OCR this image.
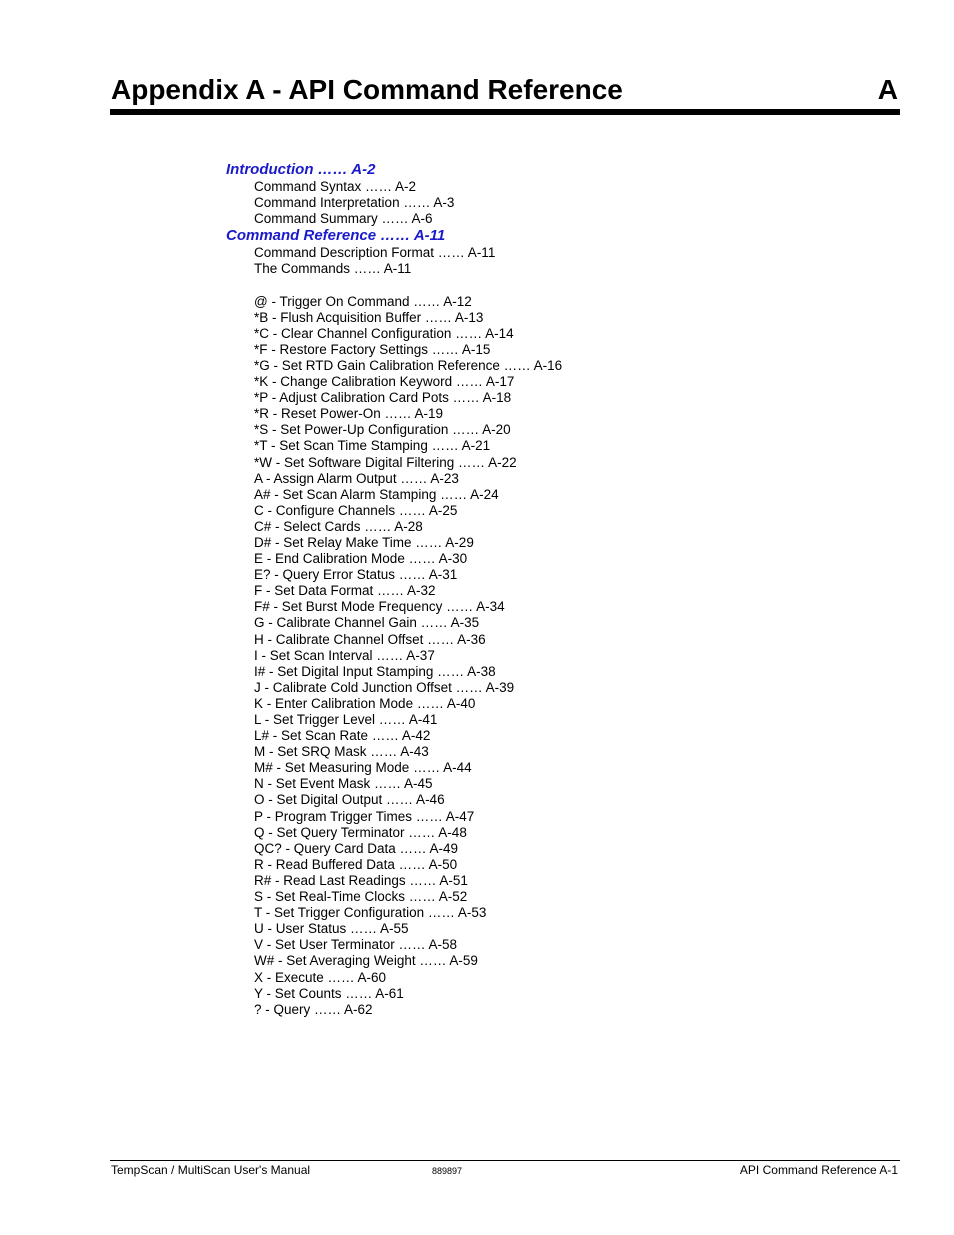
Appendix A - API Command Reference	A
Introduction …… A-2
Command Syntax …… A-2
Command Interpretation …… A-3
Command Summary …… A-6
Command Reference …… A-11
Command Description Format …… A-11
The Commands …… A-11
@ - Trigger On Command …… A-12
*B - Flush Acquisition Buffer …… A-13
*C - Clear Channel Configuration …… A-14
*F - Restore Factory Settings …… A-15
*G - Set RTD Gain Calibration Reference …… A-16
*K - Change Calibration Keyword …… A-17
*P - Adjust Calibration Card Pots …… A-18
*R - Reset Power-On …… A-19
*S - Set Power-Up Configuration …… A-20
*T - Set Scan Time Stamping …… A-21
*W - Set Software Digital Filtering …… A-22
A - Assign Alarm Output …… A-23
A# - Set Scan Alarm Stamping …… A-24
C - Configure Channels …… A-25
C# - Select Cards …… A-28
D# - Set Relay Make Time …… A-29
E - End Calibration Mode …… A-30
E? - Query Error Status …… A-31
F - Set Data Format …… A-32
F# - Set Burst Mode Frequency …… A-34
G - Calibrate Channel Gain …… A-35
H - Calibrate Channel Offset …… A-36
I - Set Scan Interval …… A-37
I# - Set Digital Input Stamping …… A-38
J - Calibrate Cold Junction Offset …… A-39
K - Enter Calibration Mode …… A-40
L - Set Trigger Level …… A-41
L# - Set Scan Rate …… A-42
M - Set SRQ Mask …… A-43
M# - Set Measuring Mode …… A-44
N - Set Event Mask …… A-45
O - Set Digital Output …… A-46
P - Program Trigger Times …… A-47
Q - Set Query Terminator …… A-48
QC? - Query Card Data …… A-49
R - Read Buffered Data …… A-50
R# - Read Last Readings …… A-51
S - Set Real-Time Clocks …… A-52
T - Set Trigger Configuration …… A-53
U - User Status …… A-55
V - Set User Terminator …… A-58
W# - Set Averaging Weight …… A-59
X - Execute …… A-60
Y - Set Counts …… A-61
? - Query …… A-62
TempScan / MultiScan User's Manual	889897	API Command Reference A-1
